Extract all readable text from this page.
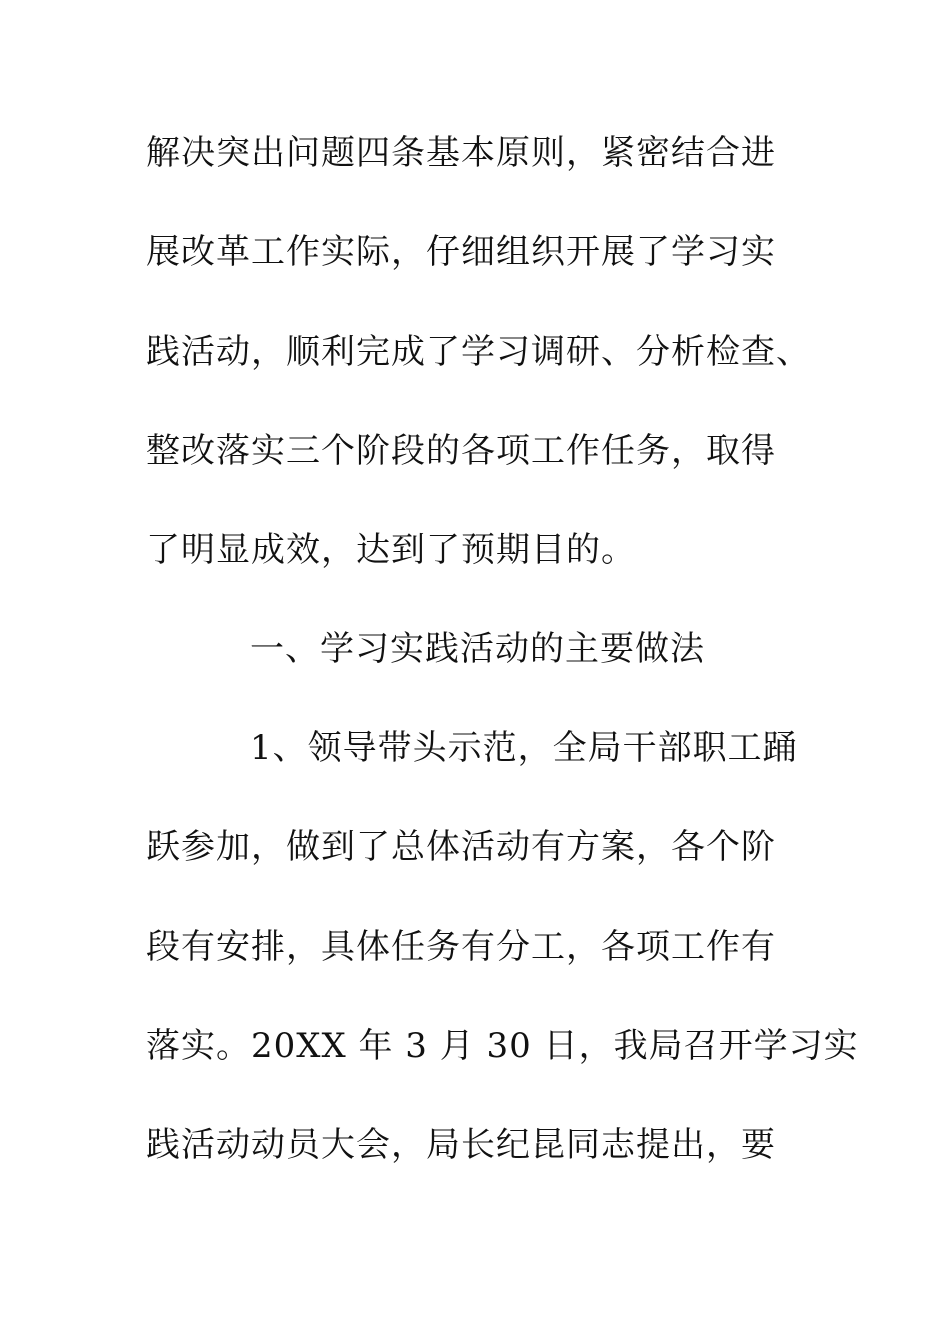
解决突出问题四条基本原则，紧密结合进
展改革工作实际，仔细组织开展了学习实
践活动，顺利完成了学习调研、分析检查、
整改落实三个阶段的各项工作任务，取得
了明显成效，达到了预期目的。
一、学习实践活动的主要做法
1、领导带头示范，全局干部职工踊
跃参加，做到了总体活动有方案，各个阶
段有安排，具体任务有分工，各项工作有
落实。20XX 年 3 月 30 日，我局召开学习实
践活动动员大会，局长纪昆同志提出，要
